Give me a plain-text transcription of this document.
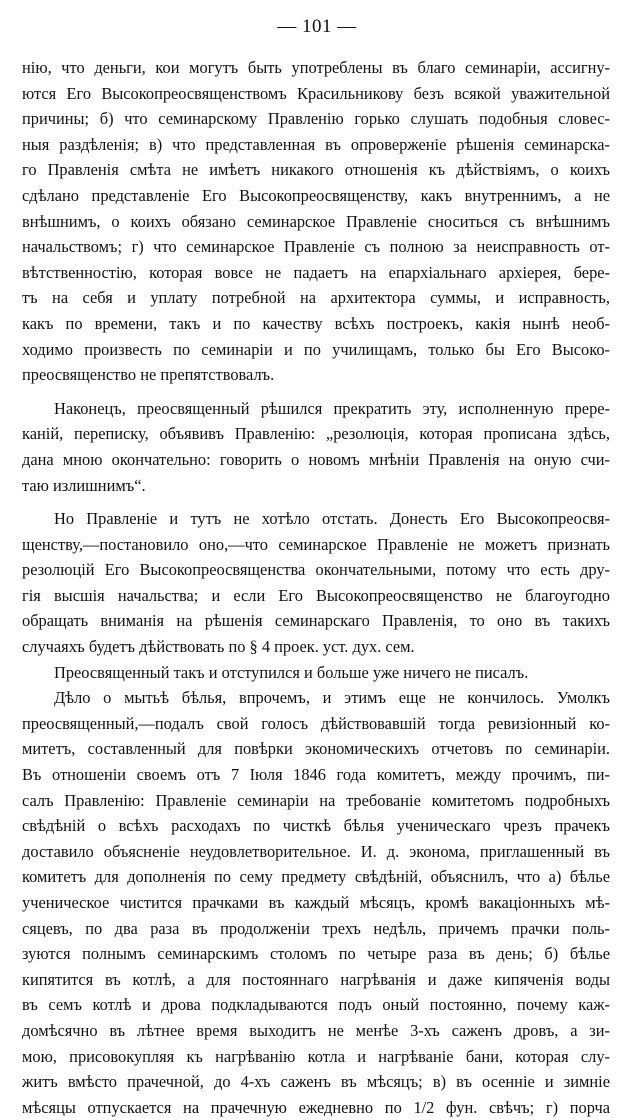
— 101 —
нію, что деньги, кои могутъ быть употреблены въ благо семинаріи, ассигну-
ются Его Высокопреосвященствомъ Красильникову безъ всякой уважительной
причины; б) что семинарскому Правленію горько слушать подобныя словес-
ныя раздѣленія; в) что представленная въ опроверженіе рѣшенія семинарска-
го Правленія смѣта не имѣетъ никакого отношенія къ дѣйствіямъ, о коихъ
сдѣлано представленіе Его Высокопреосвященству, какъ внутреннимъ, а не
внѣшнимъ, о коихъ обязано семинарское Правленіе сноситься съ внѣшнимъ
начальствомъ; г) что семинарское Правленіе съ полною за неисправность от-
вѣтственностію, которая вовсе не падаетъ на епархіальнаго архіерея, бере-
тъ на себя и уплату потребной на архитектора суммы, и исправность,
какъ по времени, такъ и по качеству всѣхъ построекъ, какія нынѣ необ-
ходимо произвесть по семинаріи и по училищамъ, только бы Его Высоко-
преосвященство не препятствовалъ.
Наконецъ, преосвященный рѣшился прекратить эту, исполненную прере-
каній, переписку, объявивъ Правленію: „резолюція, которая прописана здѣсь,
дана мною окончательно: говорить о новомъ мнѣніи Правленія на оную счи-
таю излишнимъ“.
Но Правленіе и тутъ не хотѣло отстать. Донесть Его Высокопреосвя-
щенству,—постановило оно,—что семинарское Правленіе не можетъ признать
резолюцій Его Высокопреосвященства окончательными, потому что есть дру-
гія высшія начальства; и если Его Высокопреосвященство не благоугодно
обращать вниманія на рѣшенія семинарскаго Правленія, то оно въ такихъ
случаяхъ будетъ дѣйствовать по § 4 проек. уст. дух. сем.
Преосвященный такъ и отступился и больше уже ничего не писалъ.
Дѣло о мытьѣ бѣлья, впрочемъ, и этимъ еще не кончилось. Умолкъ
преосвященный,—подалъ свой голосъ дѣйствовавшій тогда ревизіонный ко-
митетъ, составленный для повѣрки экономическихъ отчетовъ по семинаріи.
Въ отношеніи своемъ отъ 7 Іюля 1846 года комитетъ, между прочимъ, пи-
салъ Правленію: Правленіе семинаріи на требованіе комитетомъ подробныхъ
свѣдѣній о всѣхъ расходахъ по чисткѣ бѣлья ученическаго чрезъ прачекъ
доставило объясненіе неудовлетворительное. И. д. эконома, приглашенный въ
комитетъ для дополненія по сему предмету свѣдѣній, объяснилъ, что а) бѣлье
ученическое чистится прачками въ каждый мѣсяцъ, кромѣ вакаціонныхъ мѣ-
сяцевъ, по два раза въ продолженіи трехъ недѣль, причемъ прачки поль-
зуются полнымъ семинарскимъ столомъ по четыре раза въ день; б) бѣлье
кипятится въ котлѣ, а для постояннаго нагрѣванія и даже кипяченія воды
въ семъ котлѣ и дрова подкладываются подъ оный постоянно, почему каж-
домѣсячно въ лѣтнее время выходитъ не менѣе 3-хъ саженъ дровъ, а зи-
мою, присовокупляя къ нагрѣванію котла и нагрѣваніе бани, которая слу-
житъ вмѣсто прачечной, до 4-хъ саженъ въ мѣсяцъ; в) въ осенніе и зимніе
мѣсяцы отпускается на прачечную ежедневно по 1/2 фун. свѣчъ; г) порча
